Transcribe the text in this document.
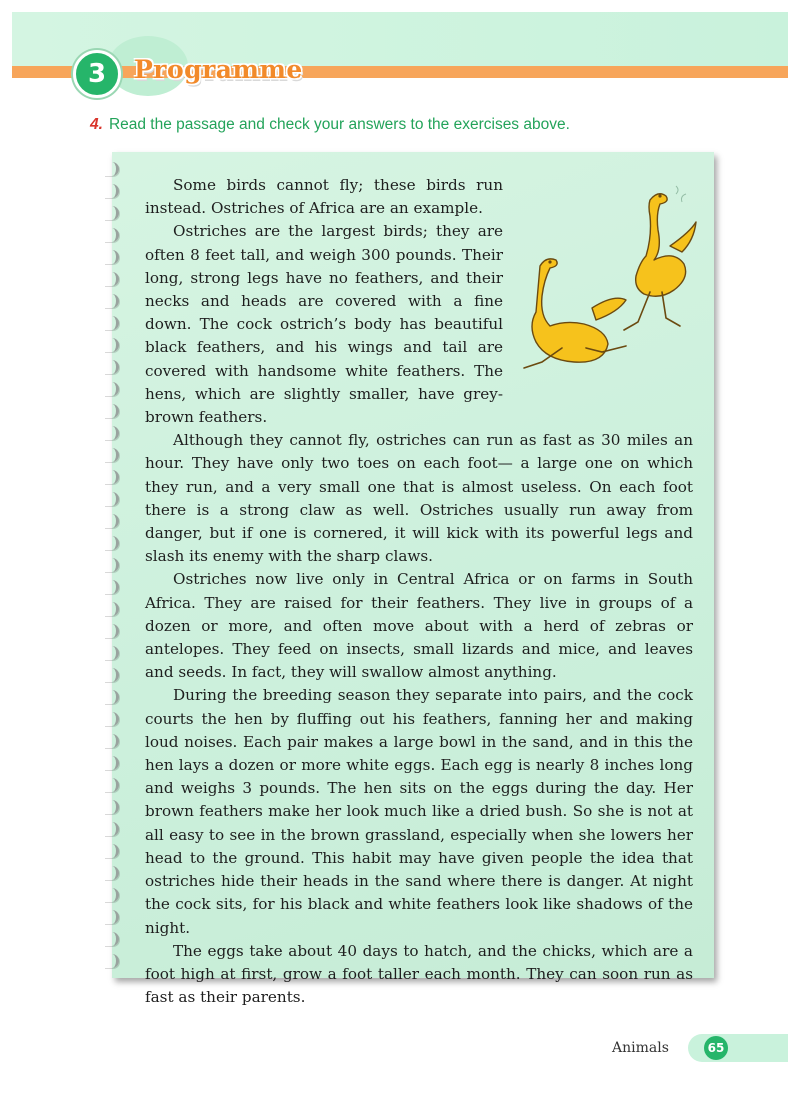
3	Programme
4. Read the passage and check your answers to the exercises above.

Some birds cannot fly; these birds run instead. Ostriches of Africa are an example.

Ostriches are the largest birds; they are often 8 feet tall, and weigh 300 pounds. Their long, strong legs have no feathers, and their necks and heads are covered with a fine down. The cock ostrich’s body has beautiful black feathers, and his wings and tail are covered with handsome white feathers. The hens, which are slightly smaller, have grey-brown feathers.

Although they cannot fly, ostriches can run as fast as 30 miles an hour. They have only two toes on each foot— a large one on which they run, and a very small one that is almost useless. On each foot there is a strong claw as well. Ostriches usually run away from danger, but if one is cornered, it will kick with its powerful legs and slash its enemy with the sharp claws.

Ostriches now live only in Central Africa or on farms in South Africa. They are raised for their feathers. They live in groups of a dozen or more, and often move about with a herd of zebras or antelopes. They feed on insects, small lizards and mice, and leaves and seeds. In fact, they will swallow almost anything.

During the breeding season they separate into pairs, and the cock courts the hen by fluffing out his feathers, fanning her and making loud noises. Each pair makes a large bowl in the sand, and in this the hen lays a dozen or more white eggs. Each egg is nearly 8 inches long and weighs 3 pounds. The hen sits on the eggs during the day. Her brown feathers make her look much like a dried bush. So she is not at all easy to see in the brown grassland, especially when she lowers her head to the ground. This habit may have given people the idea that ostriches hide their heads in the sand where there is danger. At night the cock sits, for his black and white feathers look like shadows of the night.

The eggs take about 40 days to hatch, and the chicks, which are a foot high at first, grow a foot taller each month. They can soon run as fast as their parents.

Animals	65
